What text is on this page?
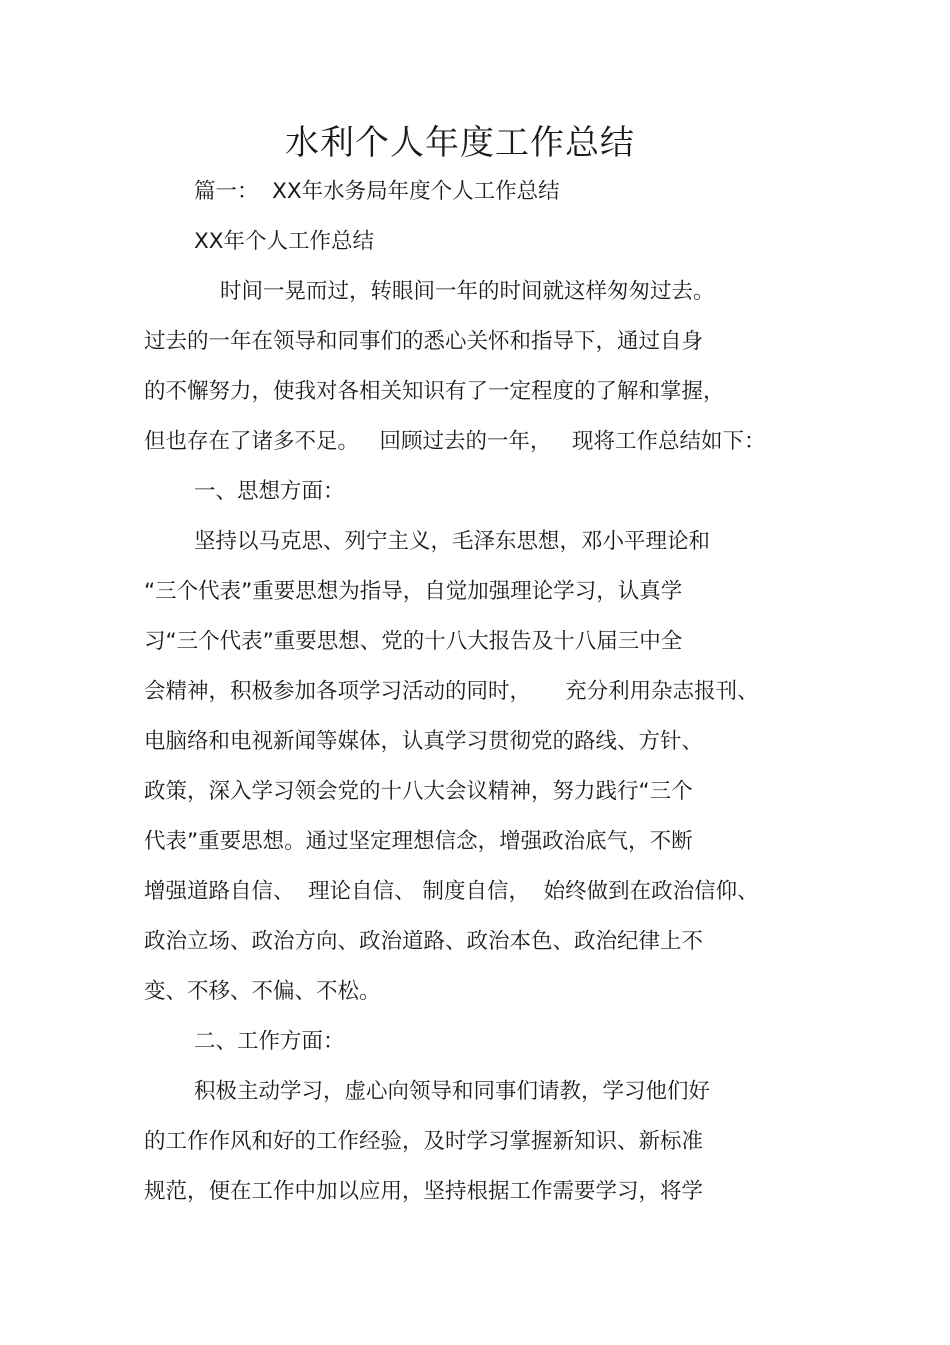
水利个人年度工作总结
篇一：  XX年水务局年度个人工作总结
XX年个人工作总结
时间一晃而过，转眼间一年的时间就这样匆匆过去。
过去的一年在领导和同事们的悉心关怀和指导下，通过自身
的不懈努力，使我对各相关知识有了一定程度的了解和掌握，
但也存在了诸多不足。   回顾过去的一年，   现将工作总结如下：
一、思想方面：
坚持以马克思、列宁主义，毛泽东思想，邓小平理论和
“三个代表”重要思想为指导，自觉加强理论学习，认真学
习“三个代表”重要思想、党的十八大报告及十八届三中全
会精神，积极参加各项学习活动的同时，     充分利用杂志报刊、
电脑络和电视新闻等媒体，认真学习贯彻党的路线、方针、
政策，深入学习领会党的十八大会议精神，努力践行“三个
代表”重要思想。通过坚定理想信念，增强政治底气，不断
增强道路自信、  理论自信、 制度自信，  始终做到在政治信仰、
政治立场、政治方向、政治道路、政治本色、政治纪律上不
变、不移、不偏、不松。
二、工作方面：
积极主动学习，虚心向领导和同事们请教，学习他们好
的工作作风和好的工作经验，及时学习掌握新知识、新标准
规范，便在工作中加以应用，坚持根据工作需要学习，将学
